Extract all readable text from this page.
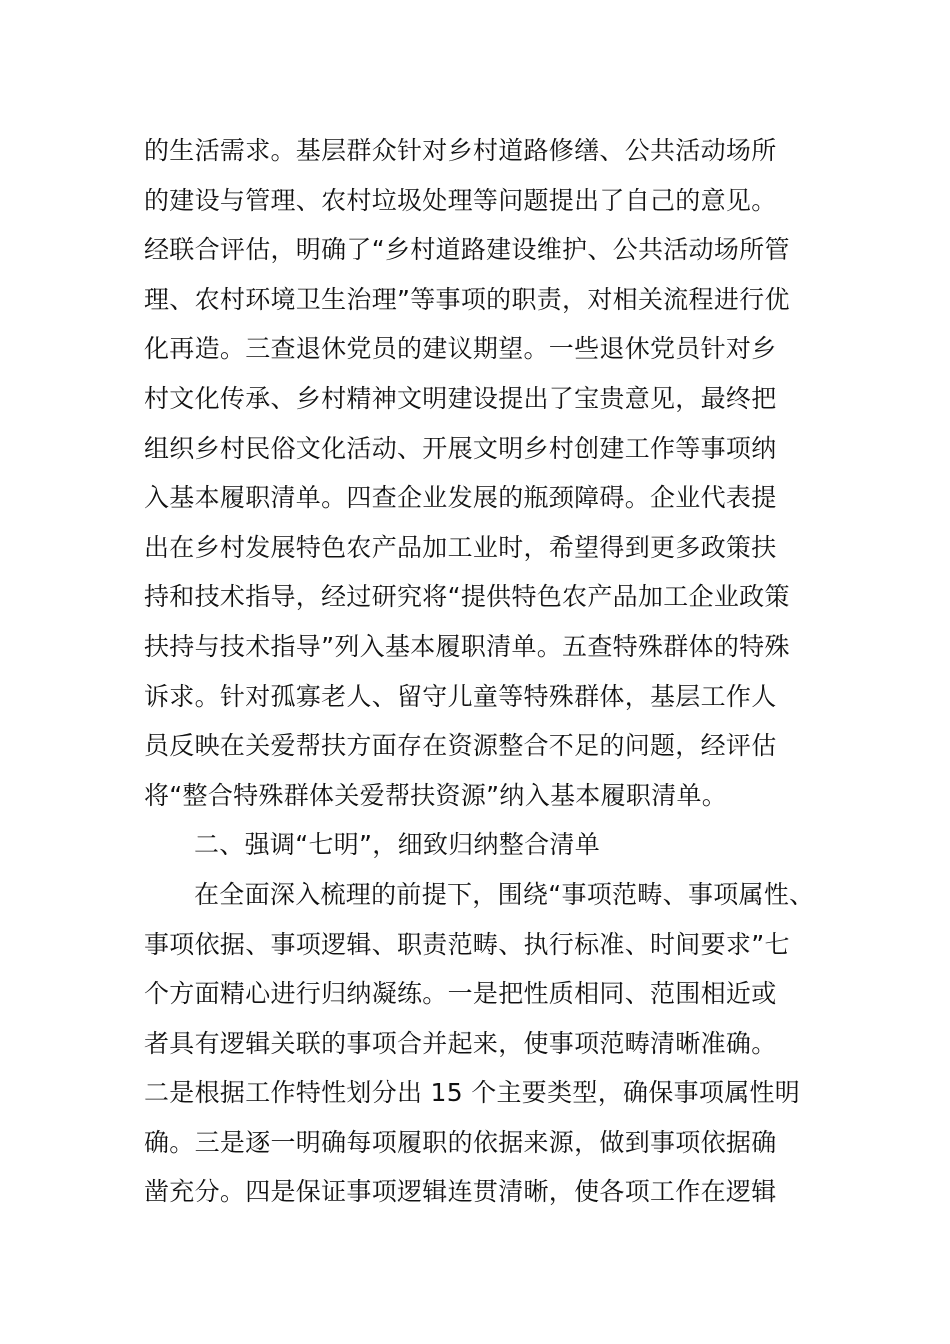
的生活需求。基层群众针对乡村道路修缮、公共活动场所
的建设与管理、农村垃圾处理等问题提出了自己的意见。
经联合评估，明确了“乡村道路建设维护、公共活动场所管
理、农村环境卫生治理”等事项的职责，对相关流程进行优
化再造。三查退休党员的建议期望。一些退休党员针对乡
村文化传承、乡村精神文明建设提出了宝贵意见，最终把
组织乡村民俗文化活动、开展文明乡村创建工作等事项纳
入基本履职清单。四查企业发展的瓶颈障碍。企业代表提
出在乡村发展特色农产品加工业时，希望得到更多政策扶
持和技术指导，经过研究将“提供特色农产品加工企业政策
扶持与技术指导”列入基本履职清单。五查特殊群体的特殊
诉求。针对孤寡老人、留守儿童等特殊群体，基层工作人
员反映在关爱帮扶方面存在资源整合不足的问题，经评估
将“整合特殊群体关爱帮扶资源”纳入基本履职清单。
二、强调“七明”，细致归纳整合清单
在全面深入梳理的前提下，围绕“事项范畴、事项属性、
事项依据、事项逻辑、职责范畴、执行标准、时间要求”七
个方面精心进行归纳凝练。一是把性质相同、范围相近或
者具有逻辑关联的事项合并起来，使事项范畴清晰准确。
二是根据工作特性划分出 15 个主要类型，确保事项属性明
确。三是逐一明确每项履职的依据来源，做到事项依据确
凿充分。四是保证事项逻辑连贯清晰，使各项工作在逻辑
